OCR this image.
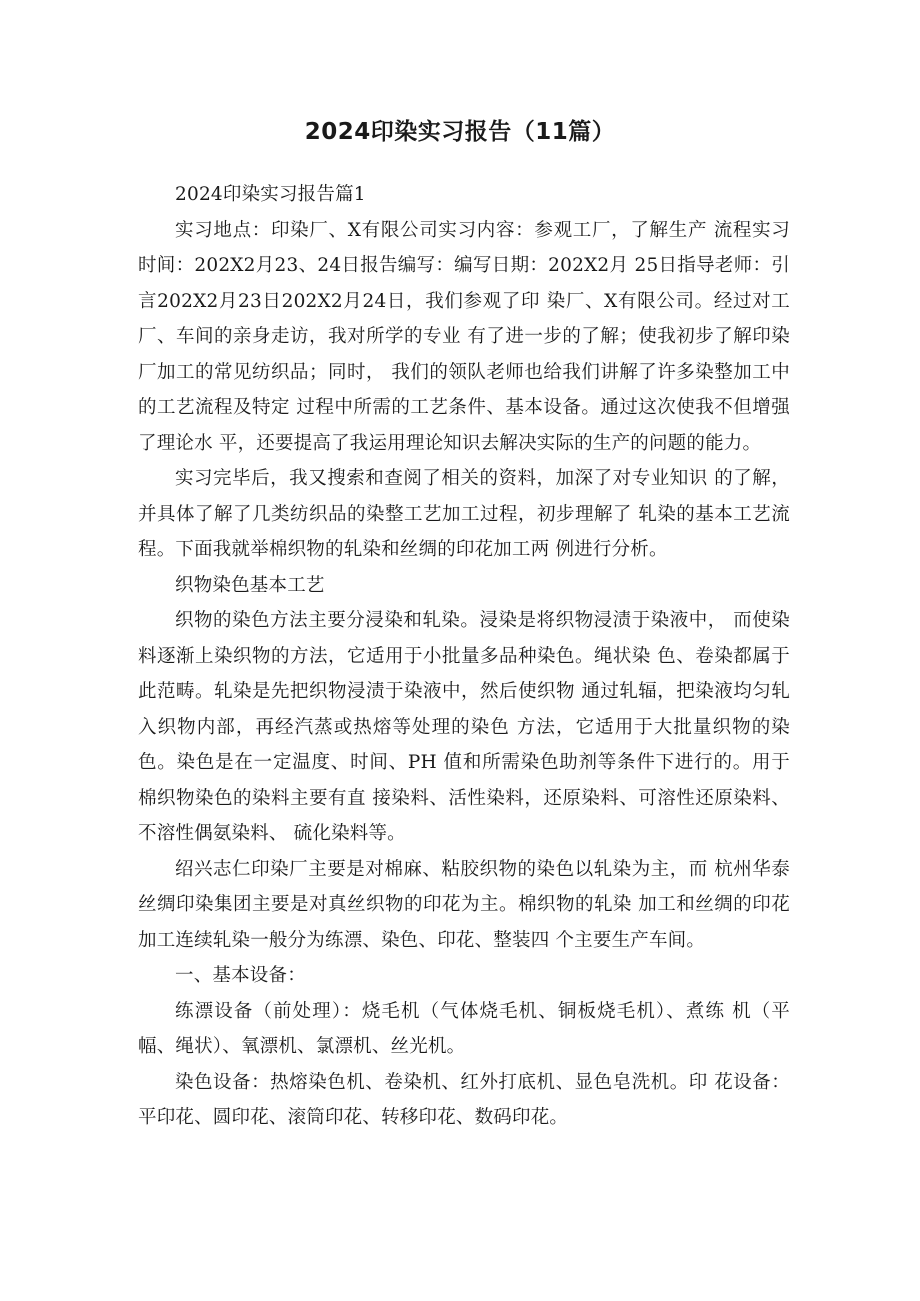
2024印染实习报告（11篇）

2024印染实习报告篇1

实习地点：印染厂、X有限公司实习内容：参观工厂，了解生产 流程实习时间：202X2月23、24日报告编写：编写日期：202X2月 25日指导老师：引言202X2月23日202X2月24日，我们参观了印 染厂、X有限公司。经过对工厂、车间的亲身走访，我对所学的专业 有了进一步的了解；使我初步了解印染厂加工的常见纺织品；同时， 我们的领队老师也给我们讲解了许多染整加工中的工艺流程及特定 过程中所需的工艺条件、基本设备。通过这次使我不但增强了理论水 平，还要提高了我运用理论知识去解决实际的生产的问题的能力。

实习完毕后，我又搜索和查阅了相关的资料，加深了对专业知识 的了解，并具体了解了几类纺织品的染整工艺加工过程，初步理解了 轧染的基本工艺流程。下面我就举棉织物的轧染和丝绸的印花加工两 例进行分析。

织物染色基本工艺

织物的染色方法主要分浸染和轧染。浸染是将织物浸渍于染液中， 而使染料逐渐上染织物的方法，它适用于小批量多品种染色。绳状染 色、卷染都属于此范畴。轧染是先把织物浸渍于染液中，然后使织物 通过轧辐，把染液均匀轧入织物内部，再经汽蒸或热熔等处理的染色 方法，它适用于大批量织物的染色。染色是在一定温度、时间、PH 值和所需染色助剂等条件下进行的。用于棉织物染色的染料主要有直 接染料、活性染料，还原染料、可溶性还原染料、不溶性偶氨染料、 硫化染料等。

绍兴志仁印染厂主要是对棉麻、粘胶织物的染色以轧染为主，而 杭州华泰丝绸印染集团主要是对真丝织物的印花为主。棉织物的轧染 加工和丝绸的印花加工连续轧染一般分为练漂、染色、印花、整装四 个主要生产车间。

一、基本设备：

练漂设备（前处理）：烧毛机（气体烧毛机、铜板烧毛机）、煮练 机（平幅、绳状）、氧漂机、氯漂机、丝光机。

染色设备：热熔染色机、卷染机、红外打底机、显色皂洗机。印 花设备：平印花、圆印花、滚筒印花、转移印花、数码印花。
